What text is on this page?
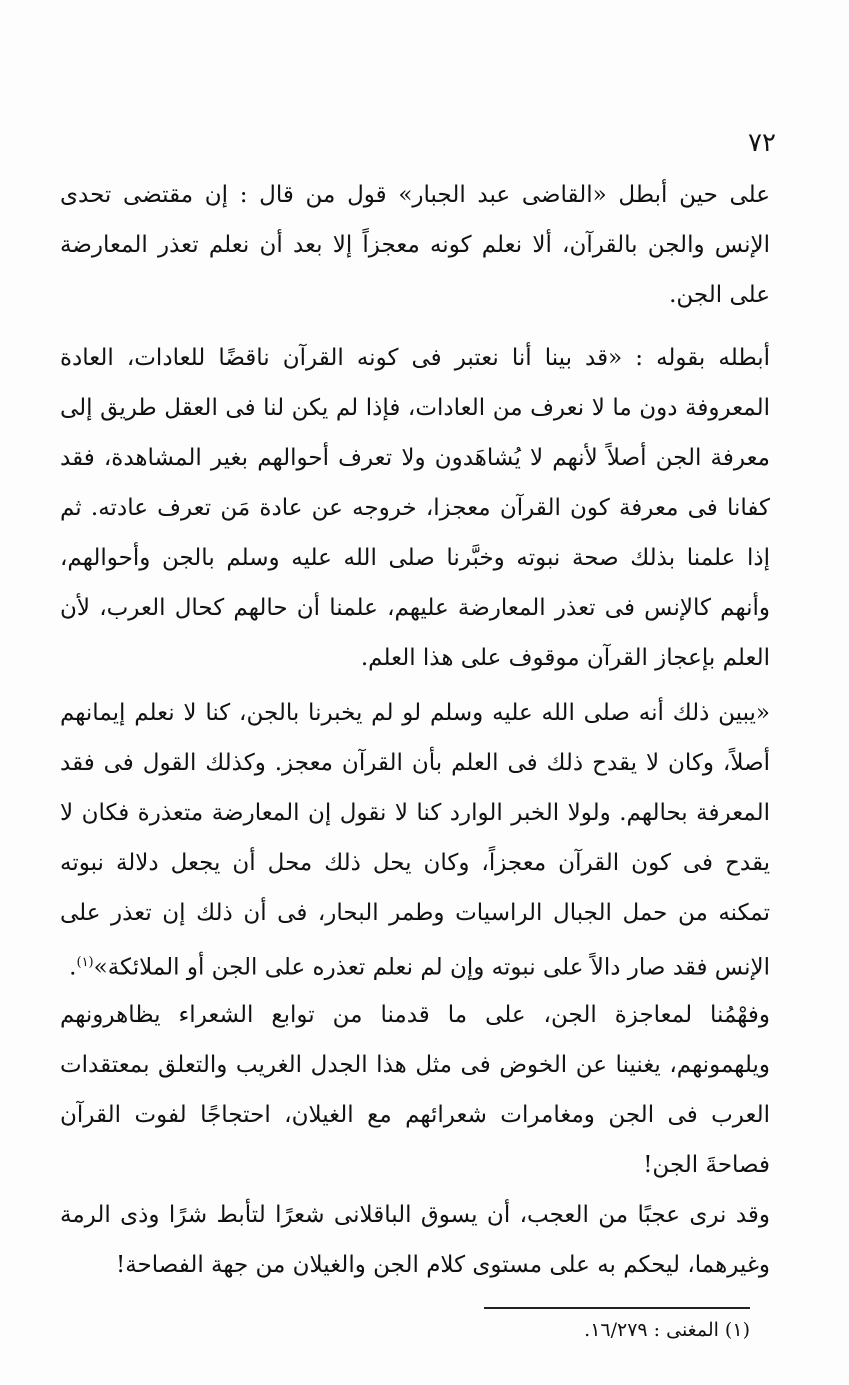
٧٢

على حين أبطل «القاضى عبد الجبار» قول من قال : إن مقتضى تحدى الإنس والجن بالقرآن، ألا نعلم كونه معجزاً إلا بعد أن نعلم تعذر المعارضة على الجن.

أبطله بقوله : «قد بينا أنا نعتبر فى كونه القرآن ناقضًا للعادات، العادة المعروفة دون ما لا نعرف من العادات، فإذا لم يكن لنا فى العقل طريق إلى معرفة الجن أصلاً لأنهم لا يُشاهَدون ولا تعرف أحوالهم بغير المشاهدة، فقد كفانا فى معرفة كون القرآن معجزا، خروجه عن عادة مَن تعرف عادته. ثم إذا علمنا بذلك صحة نبوته وخبَّرنا صلى الله عليه وسلم بالجن وأحوالهم، وأنهم كالإنس فى تعذر المعارضة عليهم، علمنا أن حالهم كحال العرب، لأن العلم بإعجاز القرآن موقوف على هذا العلم.

«يبين ذلك أنه صلى الله عليه وسلم لو لم يخبرنا بالجن، كنا لا نعلم إيمانهم أصلاً، وكان لا يقدح ذلك فى العلم بأن القرآن معجز. وكذلك القول فى فقد المعرفة بحالهم. ولولا الخبر الوارد كنا لا نقول إن المعارضة متعذرة فكان لا يقدح فى كون القرآن معجزاً، وكان يحل ذلك محل أن يجعل دلالة نبوته تمكنه من حمل الجبال الراسيات وطمر البحار، فى أن ذلك إن تعذر على الإنس فقد صار دالاً على نبوته وإن لم نعلم تعذره على الجن أو الملائكة»$^{(١)}$.

وفهْمُنا لمعاجزة الجن، على ما قدمنا من توابع الشعراء يظاهرونهم ويلهمونهم، يغنينا عن الخوض فى مثل هذا الجدل الغريب والتعلق بمعتقدات العرب فى الجن ومغامرات شعرائهم مع الغيلان، احتجاجًا لفوت القرآن فصاحةَ الجن!

وقد نرى عجبًا من العجب، أن يسوق الباقلانى شعرًا لتأبط شرًا وذى الرمة وغيرهما، ليحكم به على مستوى كلام الجن والغيلان من جهة الفصاحة!

(١) المغنى : ١٦/٢٧٩.
